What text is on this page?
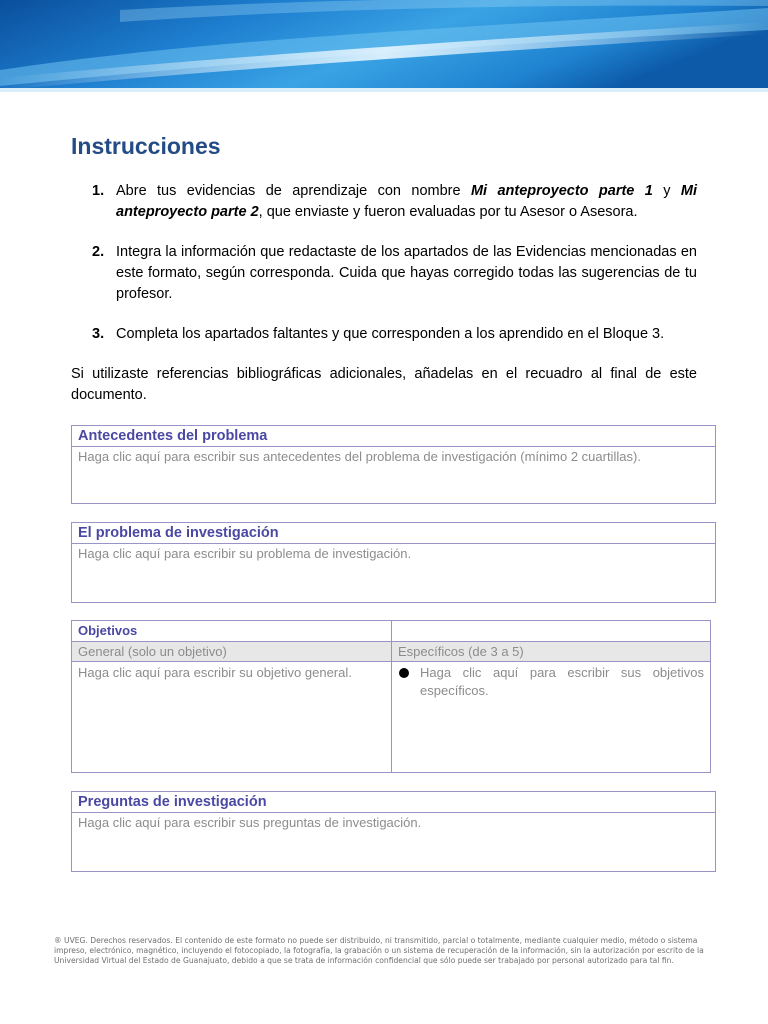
Instrucciones
1. Abre tus evidencias de aprendizaje con nombre Mi anteproyecto parte 1 y Mi anteproyecto parte 2, que enviaste y fueron evaluadas por tu Asesor o Asesora.
2. Integra la información que redactaste de los apartados de las Evidencias mencionadas en este formato, según corresponda. Cuida que hayas corregido todas las sugerencias de tu profesor.
3. Completa los apartados faltantes y que corresponden a los aprendido en el Bloque 3.

Si utilizaste referencias bibliográficas adicionales, añadelas en el recuadro al final de este documento.

Antecedentes del problema
Haga clic aquí para escribir sus antecedentes del problema de investigación (mínimo 2 cuartillas).
El problema de investigación
Haga clic aquí para escribir su problema de investigación.
Objetivos
General (solo un objetivo)	Específicos (de 3 a 5)
Haga clic aquí para escribir su objetivo general.	Haga clic aquí para escribir sus objetivos específicos.
Preguntas de investigación
Haga clic aquí para escribir sus preguntas de investigación.

® UVEG. Derechos reservados. El contenido de este formato no puede ser distribuido, ni transmitido, parcial o totalmente, mediante cualquier medio, método o sistema impreso, electrónico, magnético, incluyendo el fotocopiado, la fotografía, la grabación o un sistema de recuperación de la información, sin la autorización por escrito de la Universidad Virtual del Estado de Guanajuato, debido a que se trata de información confidencial que sólo puede ser trabajado por personal autorizado para tal fin.
